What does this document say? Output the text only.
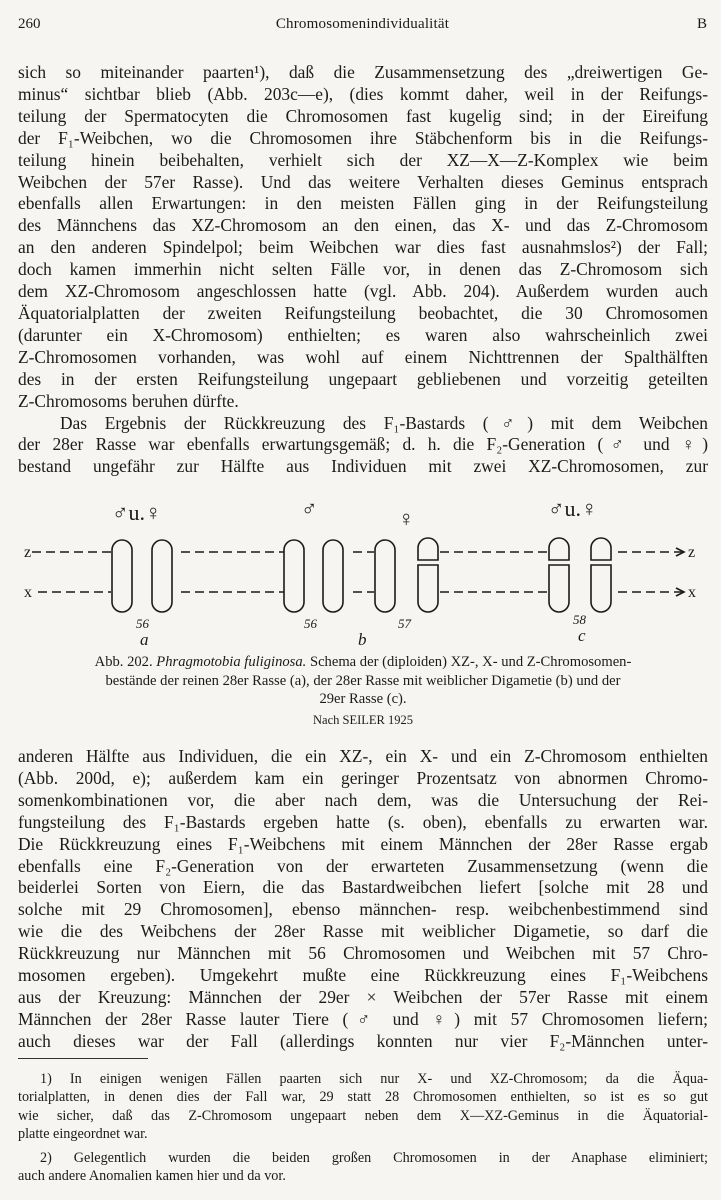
260	Chromosomenindividualität	B
sich so miteinander paarten¹), daß die Zusammensetzung des „dreiwertigen Ge-
minus“ sichtbar blieb (Abb. 203c—e), (dies kommt daher, weil in der Reifungs-
teilung der Spermatocyten die Chromosomen fast kugelig sind; in der Eireifung
der F₁-Weibchen, wo die Chromosomen ihre Stäbchenform bis in die Reifungs-
teilung hinein beibehalten, verhielt sich der XZ—X—Z-Komplex wie beim
Weibchen der 57er Rasse). Und das weitere Verhalten dieses Geminus entsprach
ebenfalls allen Erwartungen: in den meisten Fällen ging in der Reifungsteilung
des Männchens das XZ-Chromosom an den einen, das X- und das Z-Chromosom
an den anderen Spindelpol; beim Weibchen war dies fast ausnahmslos²) der Fall;
doch kamen immerhin nicht selten Fälle vor, in denen das Z-Chromosom sich
dem XZ-Chromosom angeschlossen hatte (vgl. Abb. 204). Außerdem wurden auch
Äquatorialplatten der zweiten Reifungsteilung beobachtet, die 30 Chromosomen
(darunter ein X-Chromosom) enthielten; es waren also wahrscheinlich zwei
Z-Chromosomen vorhanden, was wohl auf einem Nichttrennen der Spalthälften
des in der ersten Reifungsteilung ungepaart gebliebenen und vorzeitig geteilten
Z-Chromosoms beruhen dürfte.
Das Ergebnis der Rückkreuzung des F₁-Bastards (♂) mit dem Weibchen
der 28er Rasse war ebenfalls erwartungsgemäß; d. h. die F₂-Generation (♂ und ♀)
bestand ungefähr zur Hälfte aus Individuen mit zwei XZ-Chromosomen, zur
z
x
z
x
♂u.♀	♂	♀	♂u.♀
56	56	57	58
a	b	c
Abb. 202. Phragmotobia fuliginosa. Schema der (diploiden) XZ-, X- und Z-Chromosomen-
bestände der reinen 28er Rasse (a), der 28er Rasse mit weiblicher Digametie (b) und der
29er Rasse (c).
Nach SEILER 1925
anderen Hälfte aus Individuen, die ein XZ-, ein X- und ein Z-Chromosom enthielten
(Abb. 200d, e); außerdem kam ein geringer Prozentsatz von abnormen Chromo-
somenkombinationen vor, die aber nach dem, was die Untersuchung der Rei-
fungsteilung des F₁-Bastards ergeben hatte (s. oben), ebenfalls zu erwarten war.
Die Rückkreuzung eines F₁-Weibchens mit einem Männchen der 28er Rasse ergab
ebenfalls eine F₂-Generation von der erwarteten Zusammensetzung (wenn die
beiderlei Sorten von Eiern, die das Bastardweibchen liefert [solche mit 28 und
solche mit 29 Chromosomen], ebenso männchen- resp. weibchenbestimmend sind
wie die des Weibchens der 28er Rasse mit weiblicher Digametie, so darf die
Rückkreuzung nur Männchen mit 56 Chromosomen und Weibchen mit 57 Chro-
mosomen ergeben). Umgekehrt mußte eine Rückkreuzung eines F₁-Weibchens
aus der Kreuzung: Männchen der 29er × Weibchen der 57er Rasse mit einem
Männchen der 28er Rasse lauter Tiere (♂ und ♀) mit 57 Chromosomen liefern;
auch dieses war der Fall (allerdings konnten nur vier F₂-Männchen unter-
1) In einigen wenigen Fällen paarten sich nur X- und XZ-Chromosom; da die Äqua-
torialplatten, in denen dies der Fall war, 29 statt 28 Chromosomen enthielten, so ist es so gut
wie sicher, daß das Z-Chromosom ungepaart neben dem X—XZ-Geminus in die Äquatorial-
platte eingeordnet war.
2) Gelegentlich wurden die beiden großen Chromosomen in der Anaphase eliminiert;
auch andere Anomalien kamen hier und da vor.
